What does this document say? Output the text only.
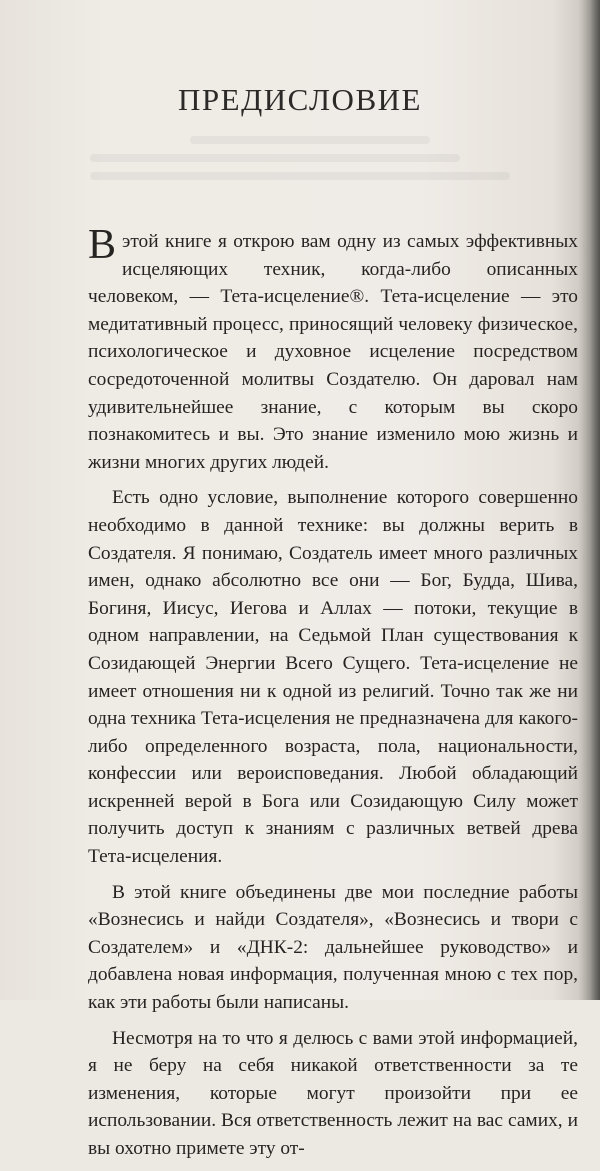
ПРЕДИСЛОВИЕ

В этой книге я открою вам одну из самых эффективных исцеляющих техник, когда-либо описанных человеком, — Тета-исцеление®. Тета-исцеление — это медитативный процесс, приносящий человеку физическое, психологическое и духовное исцеление посредством сосредоточенной молитвы Создателю. Он даровал нам удивительнейшее знание, с которым вы скоро познакомитесь и вы. Это знание изменило мою жизнь и жизни многих других людей.

Есть одно условие, выполнение которого совершенно необходимо в данной технике: вы должны верить в Создателя. Я понимаю, Создатель имеет много различных имен, однако абсолютно все они — Бог, Будда, Шива, Богиня, Иисус, Иегова и Аллах — потоки, текущие в одном направлении, на Седьмой План существования к Созидающей Энергии Всего Сущего. Тета-исцеление не имеет отношения ни к одной из религий. Точно так же ни одна техника Тета-исцеления не предназначена для какого-либо определенного возраста, пола, национальности, конфессии или вероисповедания. Любой обладающий искренней верой в Бога или Созидающую Силу может получить доступ к знаниям с различных ветвей древа Тета-исцеления.

В этой книге объединены две мои последние работы «Вознесись и найди Создателя», «Вознесись и твори с Создателем» и «ДНК-2: дальнейшее руководство» и добавлена новая информация, полученная мною с тех пор, как эти работы были написаны.

Несмотря на то что я делюсь с вами этой информацией, я не беру на себя никакой ответственности за те изменения, которые могут произойти при ее использовании. Вся ответственность лежит на вас самих, и вы охотно примете эту от-
